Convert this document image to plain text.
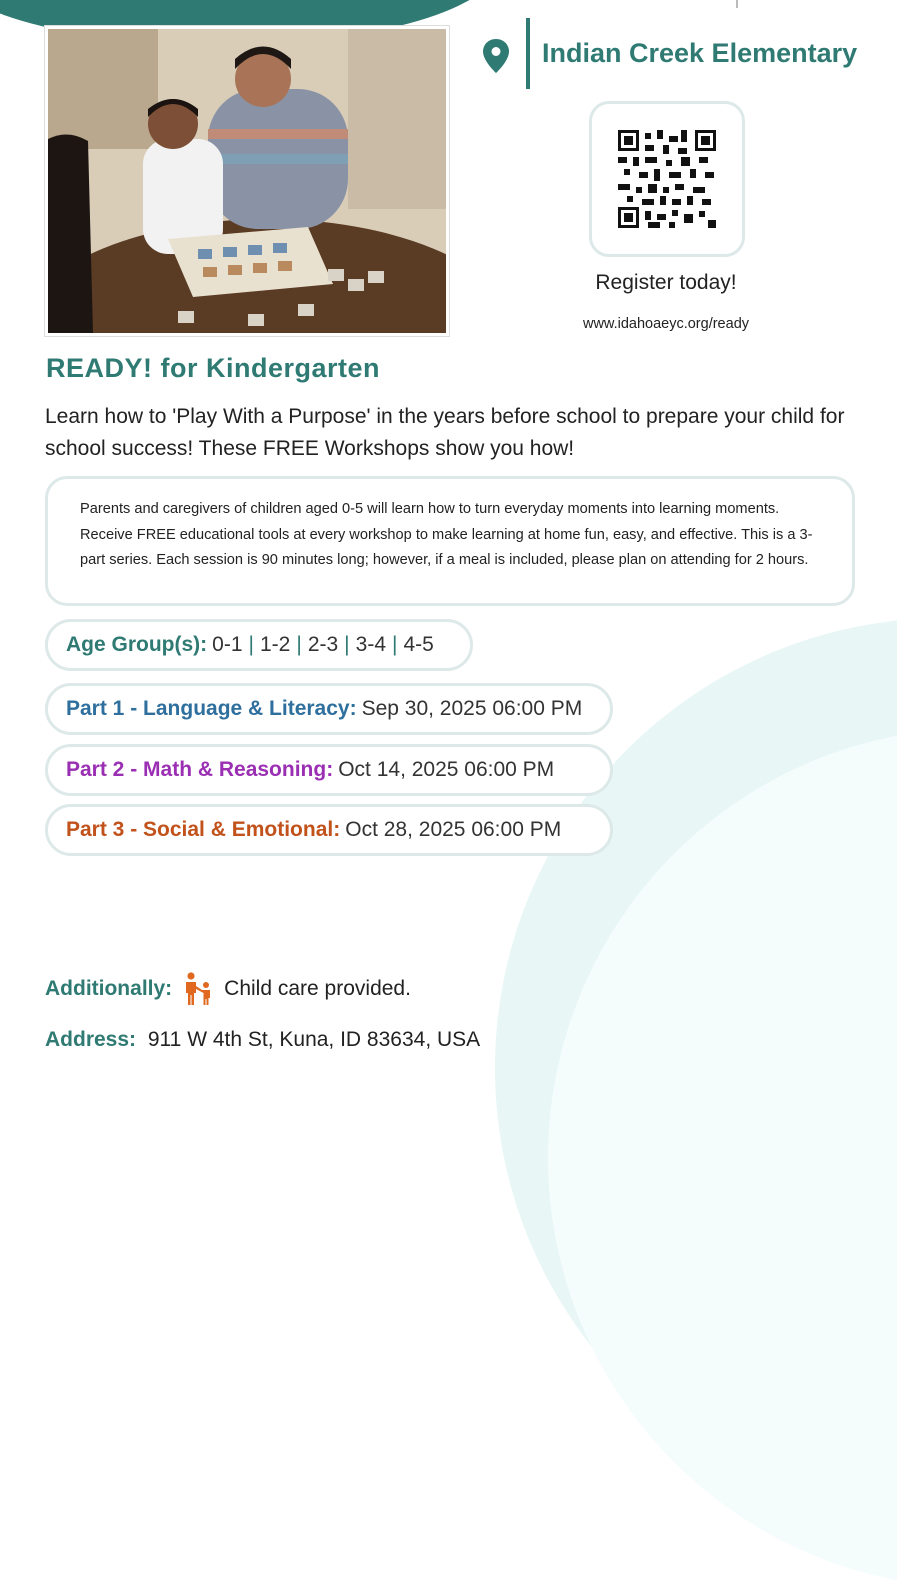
Indian Creek Elementary
Register today!
www.idahoaeyc.org/ready
READY! for Kindergarten
Learn how to 'Play With a Purpose' in the years before school to prepare your child for school success! These FREE Workshops show you how!
Parents and caregivers of children aged 0-5 will learn how to turn everyday moments into learning moments. Receive FREE educational tools at every workshop to make learning at home fun, easy, and effective. This is a 3- part series. Each session is 90 minutes long; however, if a meal is included, please plan on attending for 2 hours.
Age Group(s): 0-1 | 1-2 | 2-3 | 3-4 | 4-5
Part 1 - Language & Literacy: Sep 30, 2025 06:00 PM
Part 2 - Math & Reasoning: Oct 14, 2025 06:00 PM
Part 3 - Social & Emotional: Oct 28, 2025 06:00 PM
Additionally: Child care provided.
Address: 911 W 4th St, Kuna, ID 83634, USA
